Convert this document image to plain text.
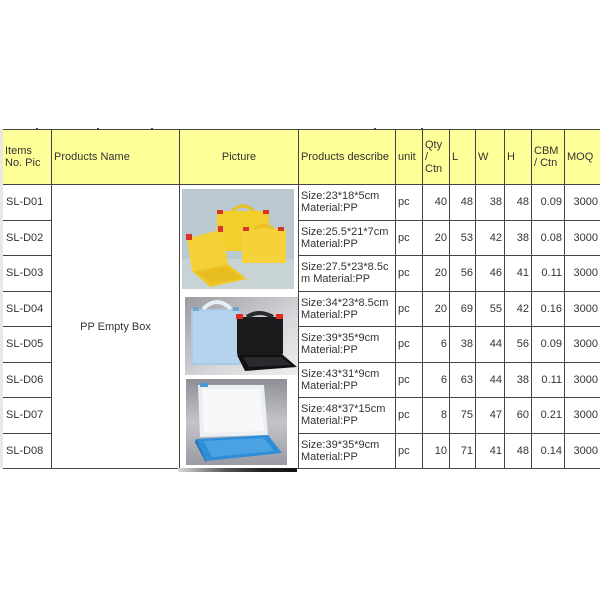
Items No. Pic	Products Name	Picture	Products describe	unit	Qty / Ctn	L	W	H	CBM / Ctn	MOQ
SL-D01	PP Empty Box		Size:23*18*5cm
Material:PP	pc	40	48	38	48	0.09	3000
SL-D02			Size:25.5*21*7cm
Material:PP	pc	20	53	42	38	0.08	3000
SL-D03			Size:27.5*23*8.5c
m Material:PP	pc	20	56	46	41	0.11	3000
SL-D04			Size:34*23*8.5cm
Material:PP	pc	20	69	55	42	0.16	3000
SL-D05			Size:39*35*9cm
Material:PP	pc	6	38	44	56	0.09	3000
SL-D06			Size:43*31*9cm
Material:PP	pc	6	63	44	38	0.11	3000
SL-D07			Size:48*37*15cm
Material:PP	pc	8	75	47	60	0.21	3000
SL-D08			Size:39*35*9cm
Material:PP	pc	10	71	41	48	0.14	3000
